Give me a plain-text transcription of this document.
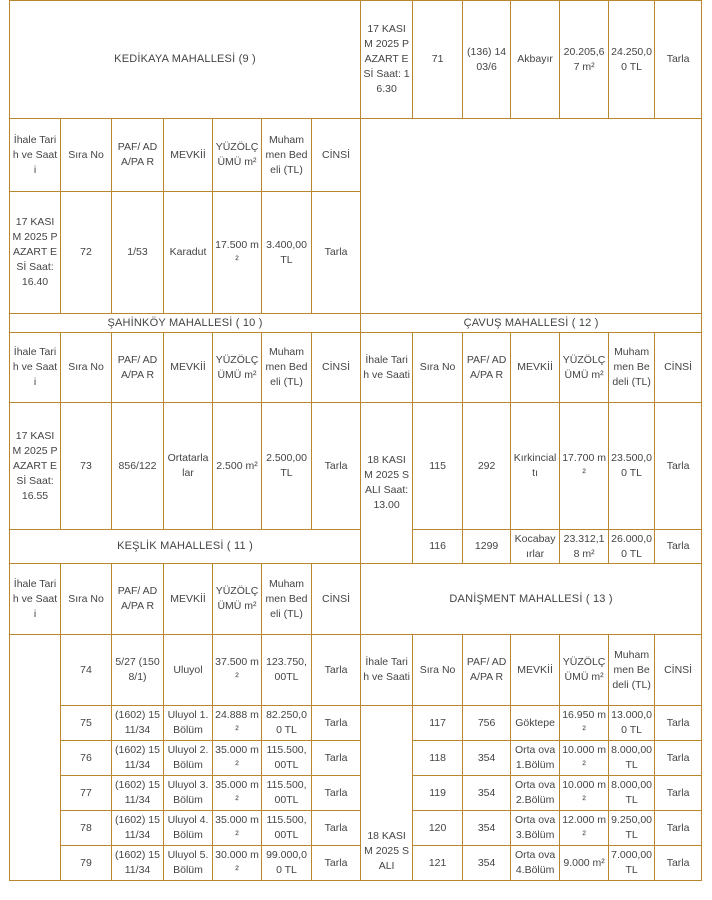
KEDİKAYA MAHALLESİ (9 )							17 KASIM 2025 PAZART ESİ Saat: 16.30	71	(136) 1403/6	Akbayır	20.205,6 7 m²	24.250,0 0 TL	Tarla
İhale Tarih ve Saati	Sıra No	PAF/ ADA/PA R	MEVKİİ	YÜZÖLÇ ÜMÜ m²	Muham men Bedeli (TL)	CİNSİ							
17 KASIM 2025 PAZART ESİ Saat: 16.40	72	1/53	Karadut	17.500 m²	3.400,00 TL	Tarla							
ŞAHİNKÖY MAHALLESİ ( 10 )							ÇAVUŞ MAHALLESİ ( 12 )						
İhale Tarih ve Saati	Sıra No	PAF/ ADA/PA R	MEVKİİ	YÜZÖLÇ ÜMÜ m²	Muham men Bedeli (TL)	CİNSİ	İhale Tarih ve Saati	Sıra No	PAF/ ADA/PA R	MEVKİİ	YÜZÖLÇ ÜMÜ m²	Muham men Bedeli (TL)	CİNSİ
17 KASIM 2025 PAZART ESİ Saat: 16.55	73	856/122	Ortatarla lar	2.500 m²	2.500,00 TL	Tarla	18 KASIM 2025 SALI Saat: 13.00	115	292	Kırkincial tı	17.700 m²	23.500,0 0 TL	Tarla
KEŞLİK MAHALLESİ ( 11 )								116	1299	Kocabay ırlar	23.312,1 8 m²	26.000,0 0 TL	Tarla
İhale Tarih ve Saati	Sıra No	PAF/ ADA/PA R	MEVKİİ	YÜZÖLÇ ÜMÜ m²	Muham men Bedeli (TL)	CİNSİ	DANİŞMENT MAHALLESİ ( 13 )						
	74	5/27 (1508/1)	Uluyol	37.500 m²	123.750, 00TL	Tarla	İhale Tarih ve Saati	Sıra No	PAF/ ADA/PA R	MEVKİİ	YÜZÖLÇ ÜMÜ m²	Muham men Bedeli (TL)	CİNSİ
	75	(1602) 1511/34	Uluyol 1. Bölüm	24.888 m²	82.250,0 0 TL	Tarla	18 KASIM 2025 SALI	117	756	Göktepe	16.950 m²	13.000,0 0 TL	Tarla
	76	(1602) 1511/34	Uluyol 2. Bölüm	35.000 m²	115.500, 00TL	Tarla		118	354	Orta ova 1.Bölüm	10.000 m²	8.000,00 TL	Tarla
	77	(1602) 1511/34	Uluyol 3. Bölüm	35.000 m²	115.500, 00TL	Tarla		119	354	Orta ova 2.Bölüm	10.000 m²	8.000,00 TL	Tarla
	78	(1602) 1511/34	Uluyol 4. Bölüm	35.000 m²	115.500, 00TL	Tarla		120	354	Orta ova 3.Bölüm	12.000 m²	9.250,00 TL	Tarla
	79	(1602) 1511/34	Uluyol 5. Bölüm	30.000 m²	99.000,0 0 TL	Tarla		121	354	Orta ova 4.Bölüm	9.000 m²	7.000,00 TL	Tarla
